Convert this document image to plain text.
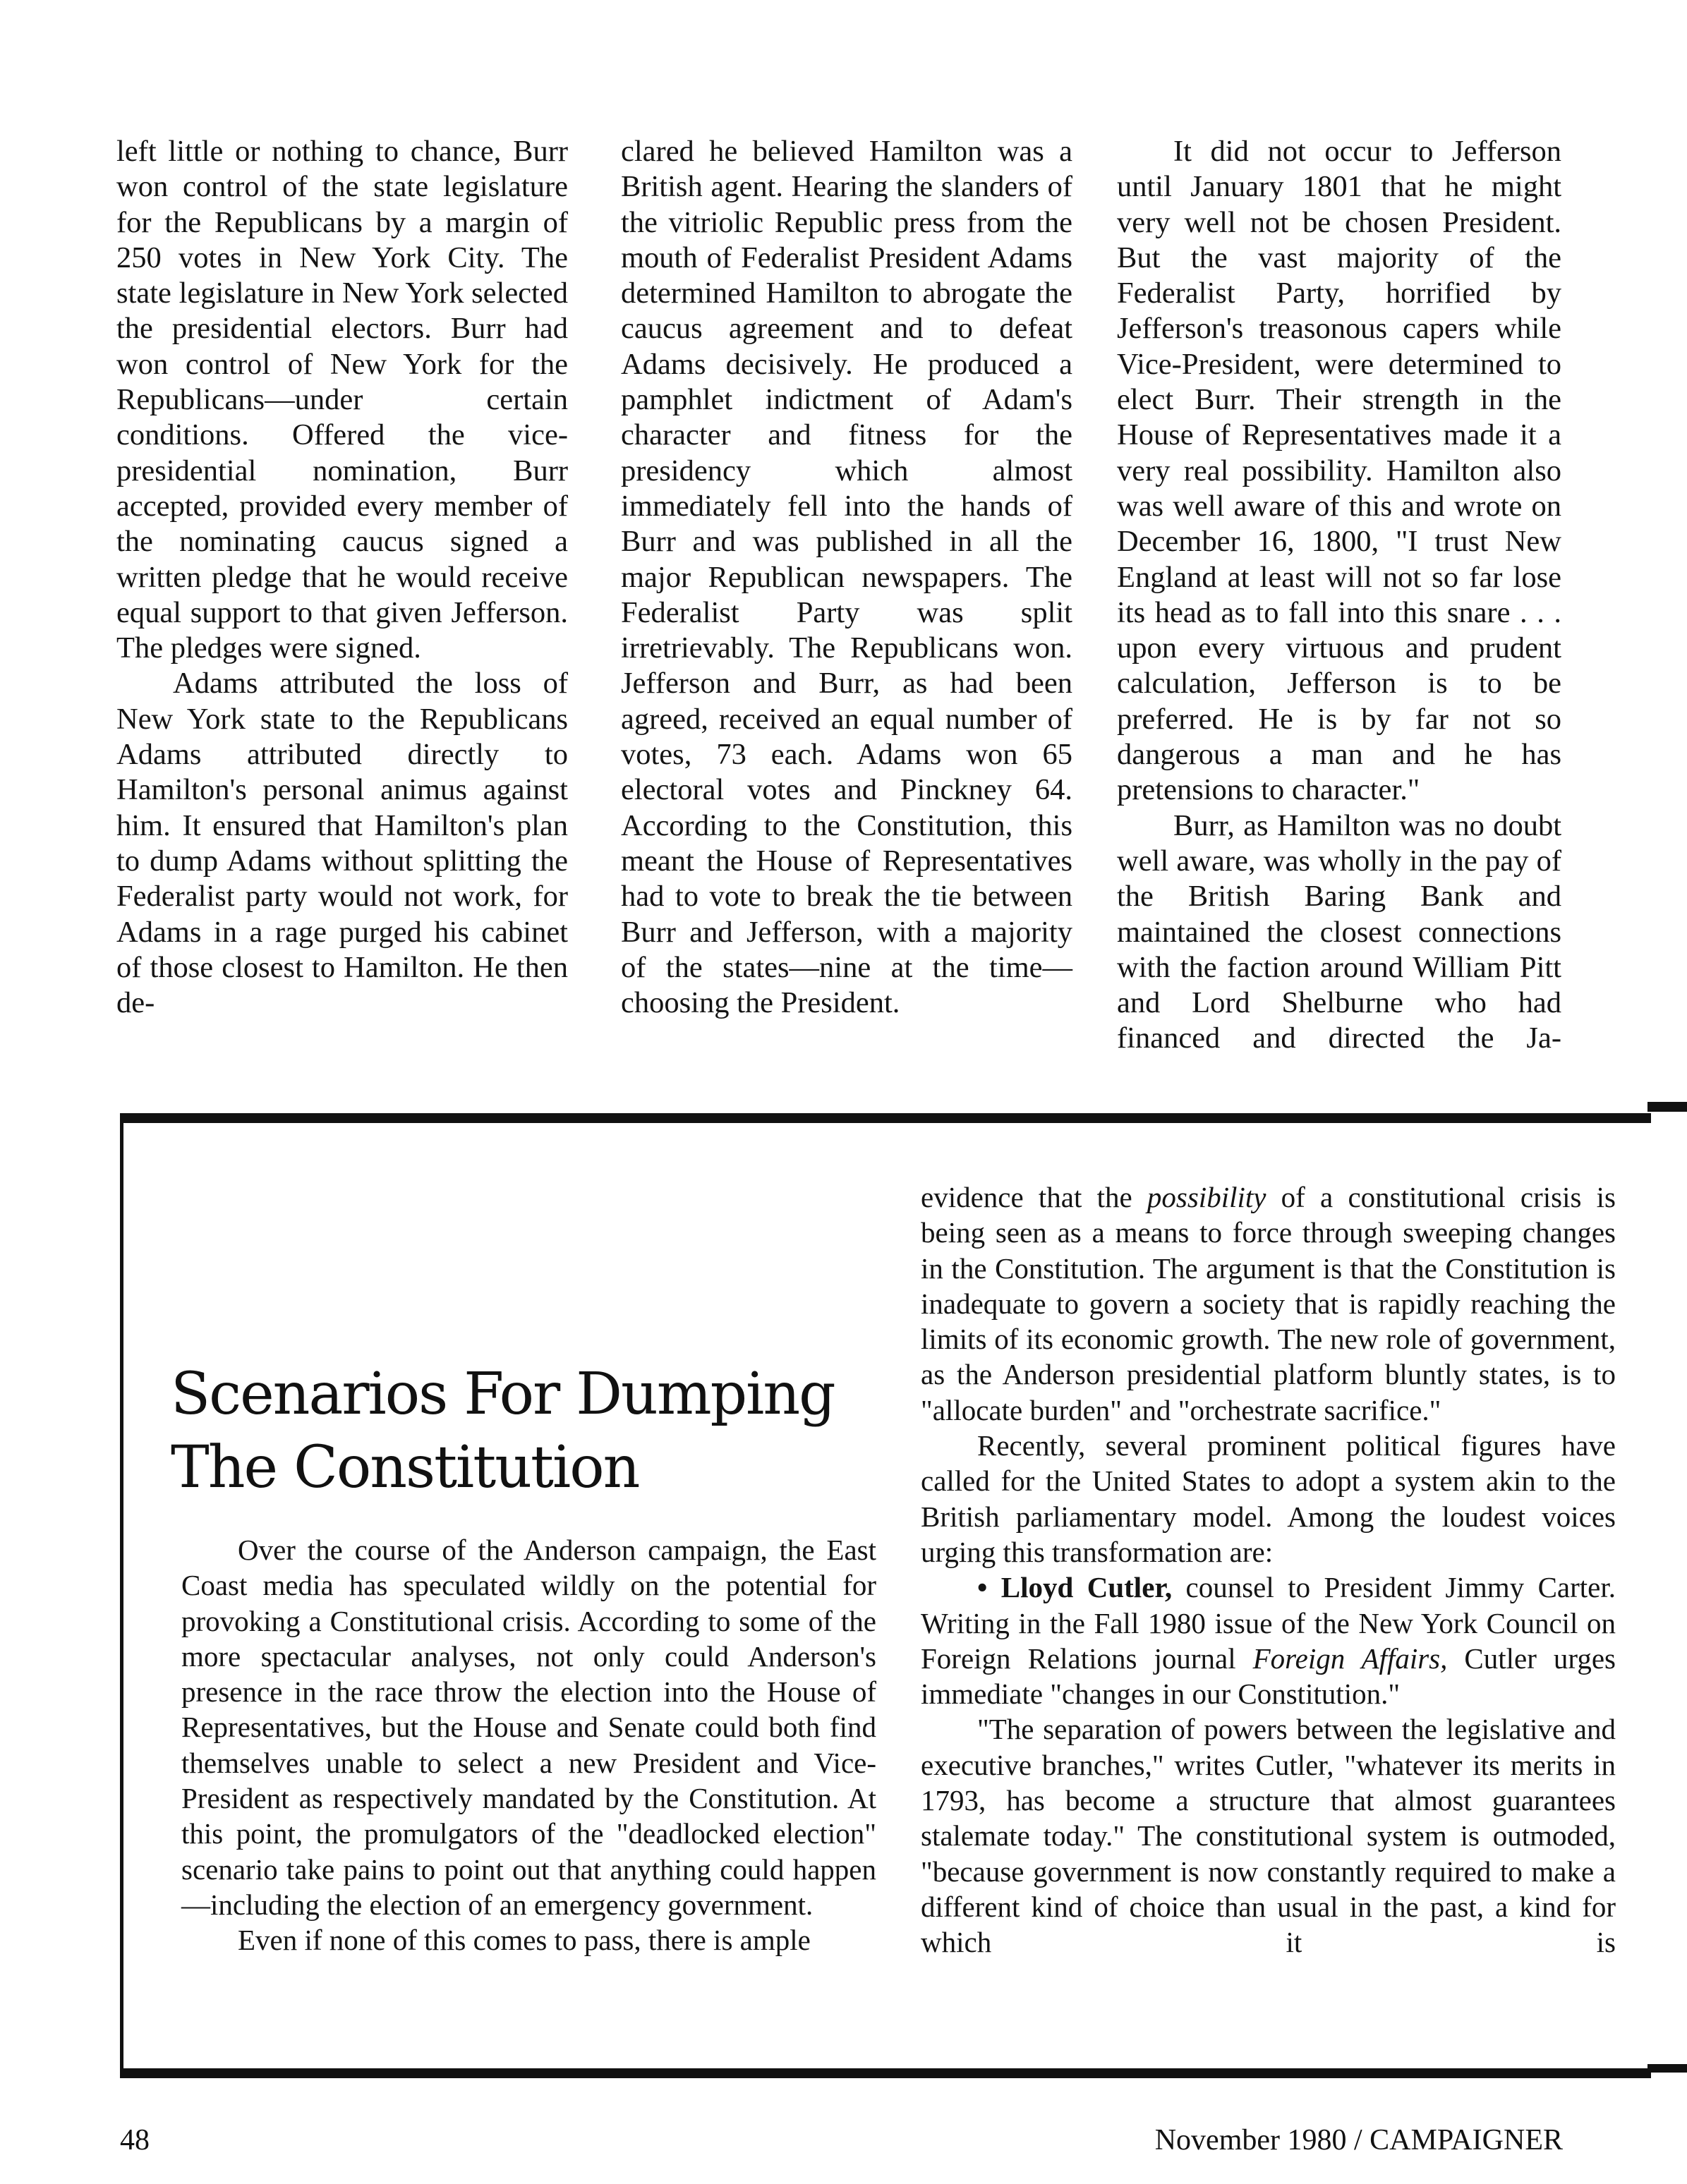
left little or nothing to chance, Burr won control of the state legislature for the Republicans by a margin of 250 votes in New York City. The state legislature in New York selected the presidential electors. Burr had won control of New York for the Republicans—under certain conditions. Offered the vice-presidential nomination, Burr accepted, provided every member of the nominating caucus signed a written pledge that he would receive equal support to that given Jefferson. The pledges were signed.

Adams attributed the loss of New York state to the Republicans Adams attributed directly to Hamilton's personal animus against him. It ensured that Hamilton's plan to dump Adams without splitting the Federalist party would not work, for Adams in a rage purged his cabinet of those closest to Hamilton. He then de-

clared he believed Hamilton was a British agent. Hearing the slanders of the vitriolic Republic press from the mouth of Federalist President Adams determined Hamilton to abrogate the caucus agreement and to defeat Adams decisively. He produced a pamphlet indictment of Adam's character and fitness for the presidency which almost immediately fell into the hands of Burr and was published in all the major Republican newspapers. The Federalist Party was split irretrievably. The Republicans won. Jefferson and Burr, as had been agreed, received an equal number of votes, 73 each. Adams won 65 electoral votes and Pinckney 64. According to the Constitution, this meant the House of Representatives had to vote to break the tie between Burr and Jefferson, with a majority of the states—nine at the time—choosing the President.

It did not occur to Jefferson until January 1801 that he might very well not be chosen President. But the vast majority of the Federalist Party, horrified by Jefferson's treasonous capers while Vice-President, were determined to elect Burr. Their strength in the House of Representatives made it a very real possibility. Hamilton also was well aware of this and wrote on December 16, 1800, "I trust New England at least will not so far lose its head as to fall into this snare . . . upon every virtuous and prudent calculation, Jefferson is to be preferred. He is by far not so dangerous a man and he has pretensions to character."

Burr, as Hamilton was no doubt well aware, was wholly in the pay of the British Baring Bank and maintained the closest connections with the faction around William Pitt and Lord Shelburne who had financed and directed the Ja-

Scenarios For Dumping
The Constitution

Over the course of the Anderson campaign, the East Coast media has speculated wildly on the potential for provoking a Constitutional crisis. According to some of the more spectacular analyses, not only could Anderson's presence in the race throw the election into the House of Representatives, but the House and Senate could both find themselves unable to select a new President and Vice-President as respectively mandated by the Constitution. At this point, the promulgators of the "deadlocked election" scenario take pains to point out that anything could happen—including the election of an emergency government.

Even if none of this comes to pass, there is ample

evidence that the possibility of a constitutional crisis is being seen as a means to force through sweeping changes in the Constitution. The argument is that the Constitution is inadequate to govern a society that is rapidly reaching the limits of its economic growth. The new role of government, as the Anderson presidential platform bluntly states, is to "allocate burden" and "orchestrate sacrifice."

Recently, several prominent political figures have called for the United States to adopt a system akin to the British parliamentary model. Among the loudest voices urging this transformation are:

• Lloyd Cutler, counsel to President Jimmy Carter. Writing in the Fall 1980 issue of the New York Council on Foreign Relations journal Foreign Affairs, Cutler urges immediate "changes in our Constitution."

"The separation of powers between the legislative and executive branches," writes Cutler, "whatever its merits in 1793, has become a structure that almost guarantees stalemate today." The constitutional system is outmoded, "because government is now constantly required to make a different kind of choice than usual in the past, a kind for which it is

48	November 1980 / CAMPAIGNER
